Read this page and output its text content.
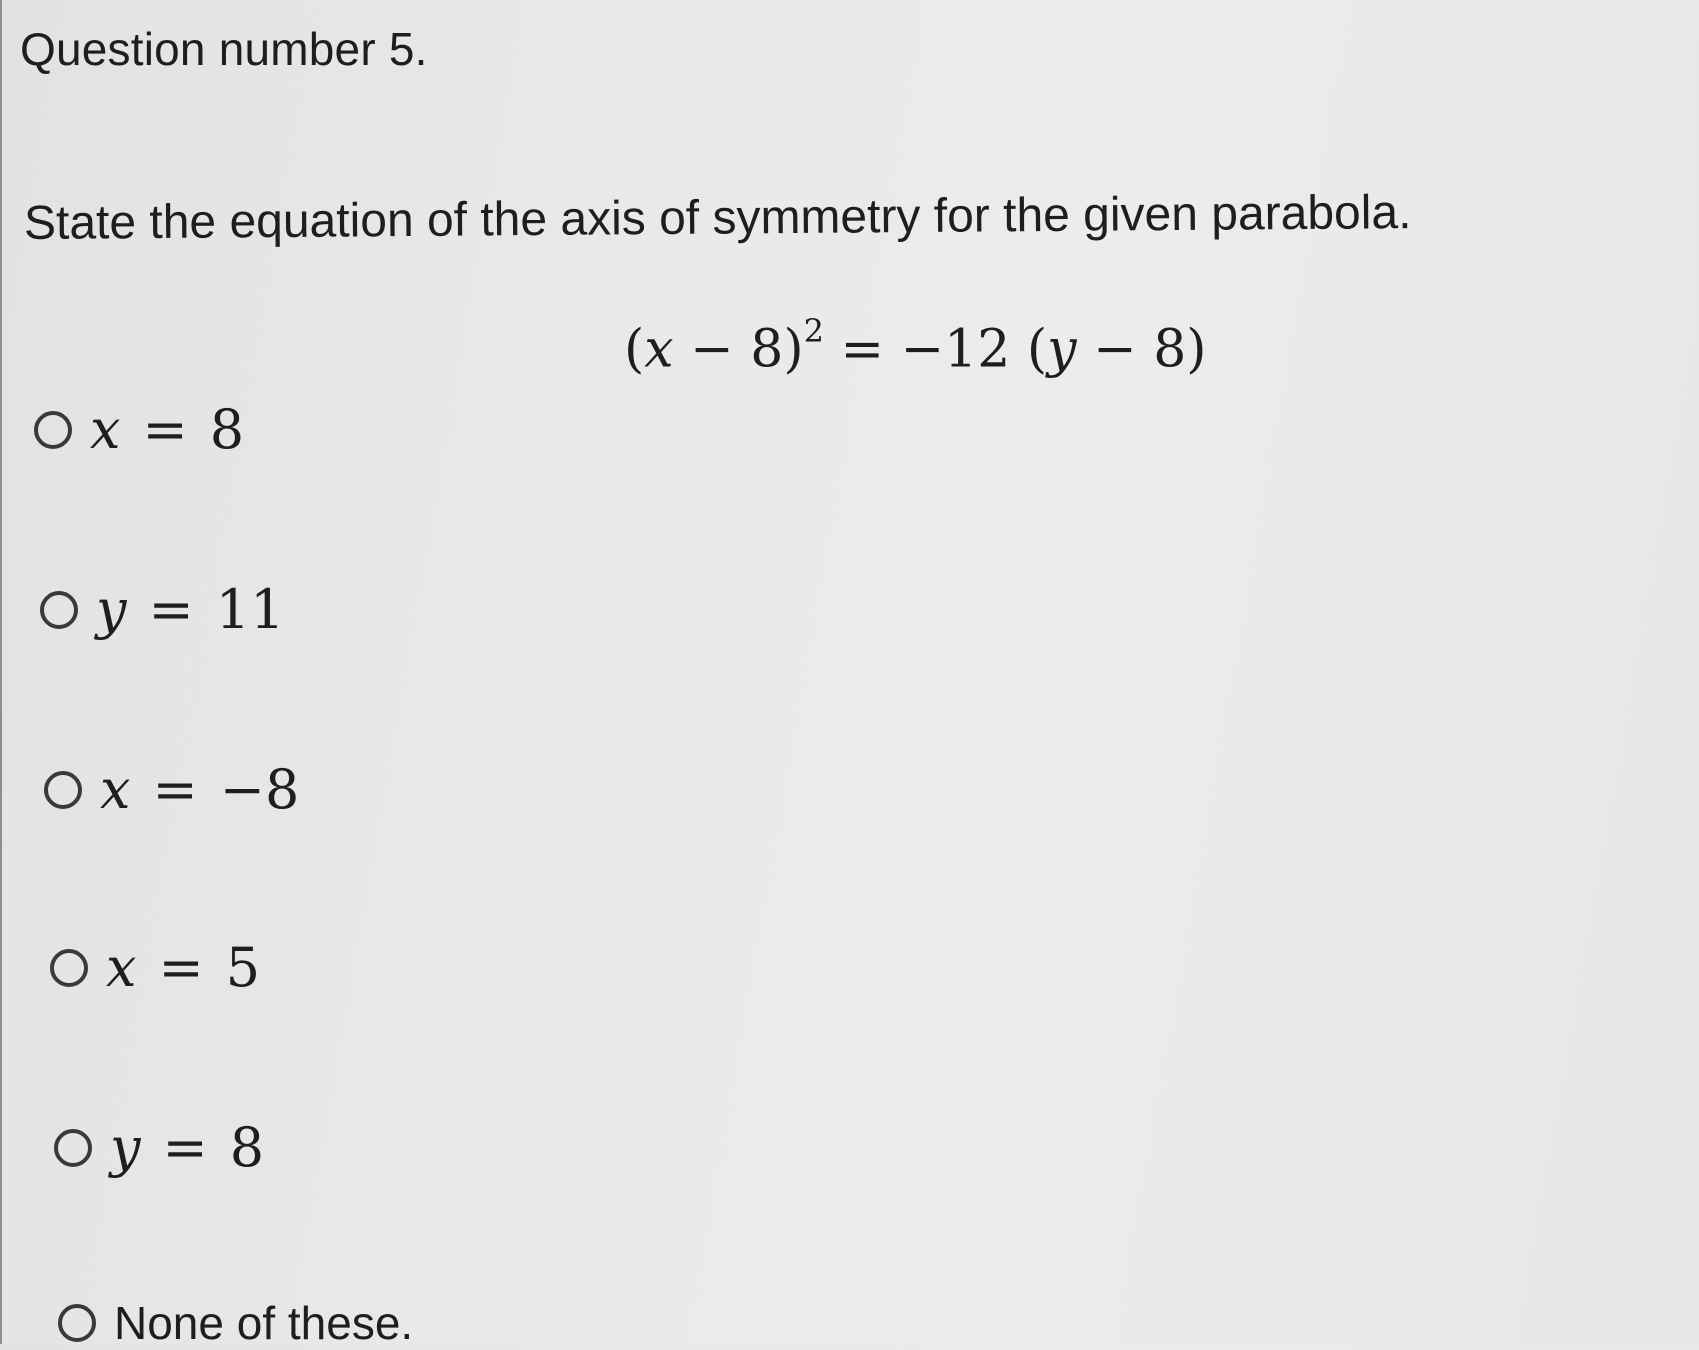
Question number 5.
State the equation of the axis of symmetry for the given parabola.
$(x - 8)^2 = -12$ (y − 8)
x = 8
y = 11
x = −8
x = 5
y = 8
None of these.
